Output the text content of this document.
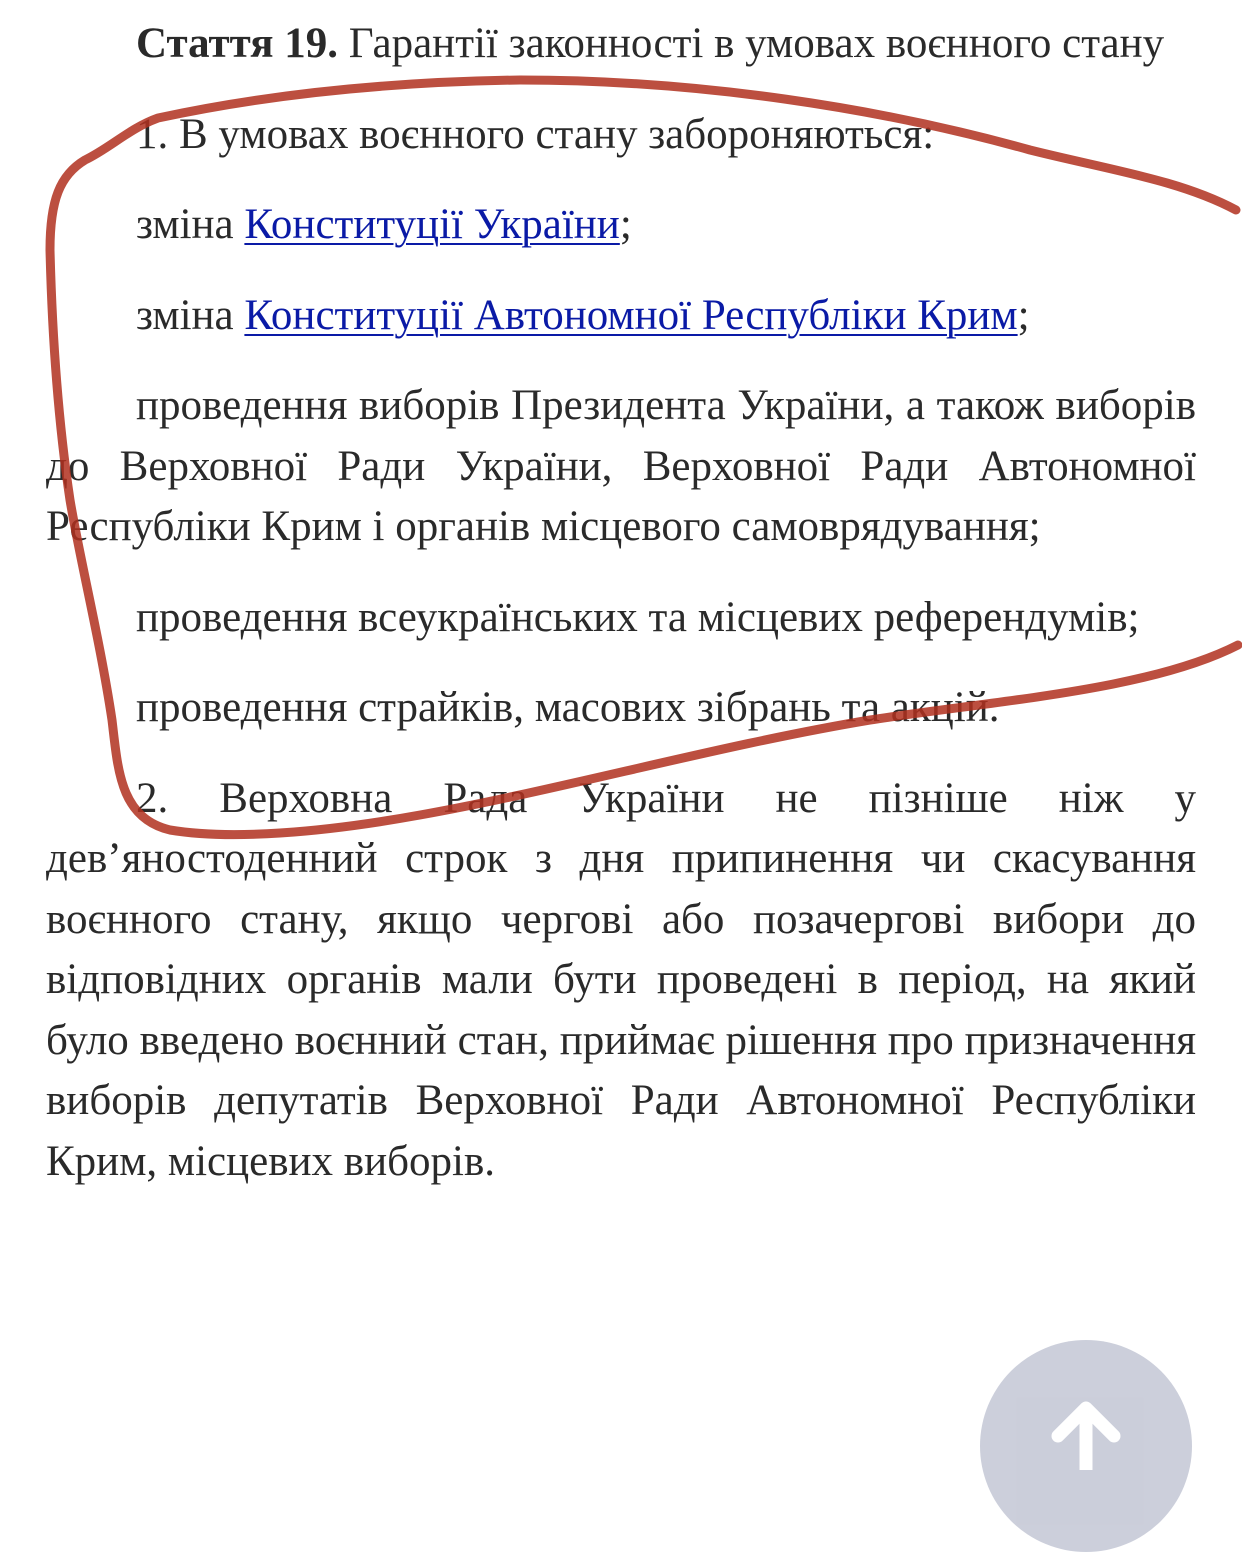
Стаття 19. Гарантії законності в умовах воєнного стану

1. В умовах воєнного стану забороняються:

зміна Конституції України;

зміна Конституції Автономної Республіки Крим;

проведення виборів Президента України, а також виборів до Верховної Ради України, Верховної Ради Автономної Республіки Крим і органів місцевого самоврядування;

проведення всеукраїнських та місцевих референдумів;

проведення страйків, масових зібрань та акцій.

2. Верховна Рада України не пізніше ніж у дев’яностоденний строк з дня припинення чи скасування воєнного стану, якщо чергові або позачергові вибори до відповідних органів мали бути проведені в період, на який було введено воєнний стан, приймає рішення про призначення виборів депутатів Верховної Ради Автономної Республіки Крим, місцевих виборів.
